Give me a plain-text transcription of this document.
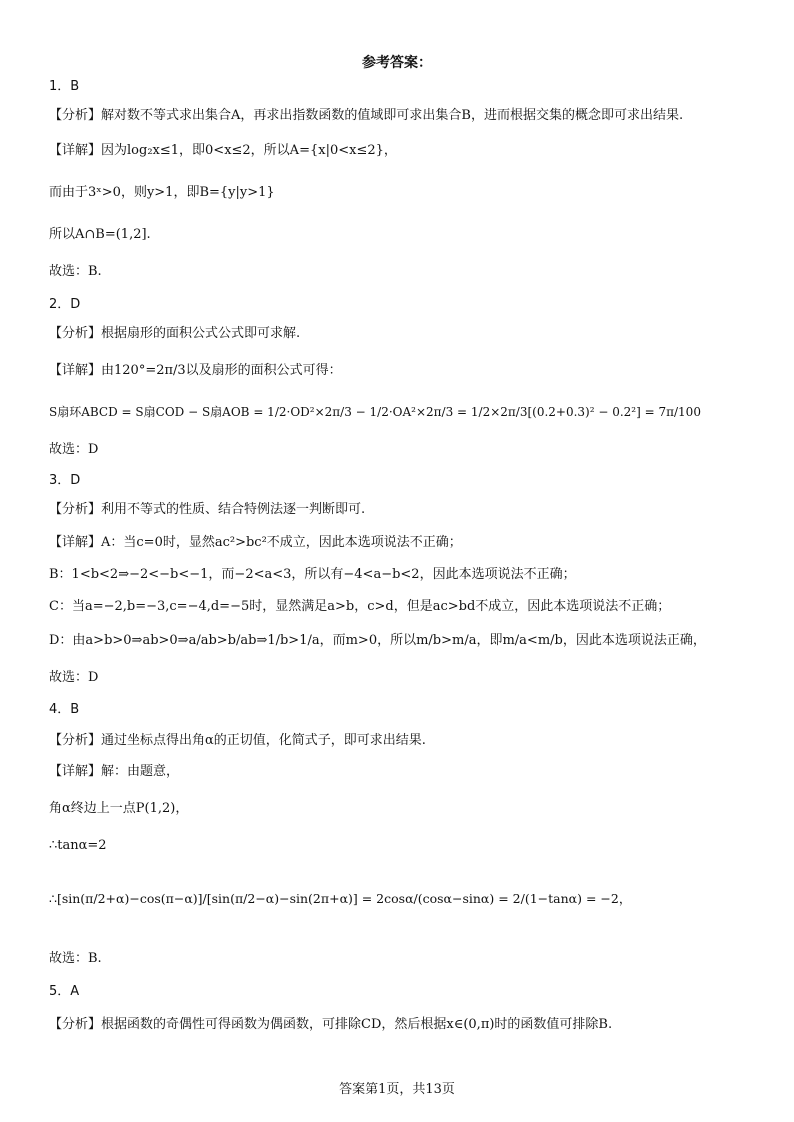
参考答案：
1．B
【分析】解对数不等式求出集合A，再求出指数函数的值域即可求出集合B，进而根据交集的概念即可求出结果.
【详解】因为log₂x≤1，即0<x≤2，所以A={x|0<x≤2}，
而由于3ˣ>0，则y>1，即B={y|y>1}
所以A∩B=(1,2].
故选：B.
2．D
【分析】根据扇形的面积公式公式即可求解.
【详解】由120°=2π/3以及扇形的面积公式可得：
S扇环ABCD = S扇COD − S扇AOB = 1/2·OD²×2π/3 − 1/2·OA²×2π/3 = 1/2×2π/3[(0.2+0.3)² − 0.2²] = 7π/100
故选：D
3．D
【分析】利用不等式的性质、结合特例法逐一判断即可.
【详解】A：当c=0时，显然ac²>bc²不成立，因此本选项说法不正确；
B：1<b<2⇒−2<−b<−1，而−2<a<3，所以有−4<a−b<2，因此本选项说法不正确；
C：当a=−2,b=−3,c=−4,d=−5时，显然满足a>b，c>d，但是ac>bd不成立，因此本选项说法不正确；
D：由a>b>0⇒ab>0⇒a/ab>b/ab⇒1/b>1/a，而m>0，所以m/b>m/a，即m/a<m/b，因此本选项说法正确，
故选：D
4．B
【分析】通过坐标点得出角α的正切值，化简式子，即可求出结果.
【详解】解：由题意，
角α终边上一点P(1,2)，
∴tanα=2
∴[sin(π/2+α)−cos(π−α)]/[sin(π/2−α)−sin(2π+α)] = 2cosα/(cosα−sinα) = 2/(1−tanα) = −2，
故选：B.
5．A
【分析】根据函数的奇偶性可得函数为偶函数，可排除CD，然后根据x∈(0,π)时的函数值可排除B.
答案第1页，共13页
